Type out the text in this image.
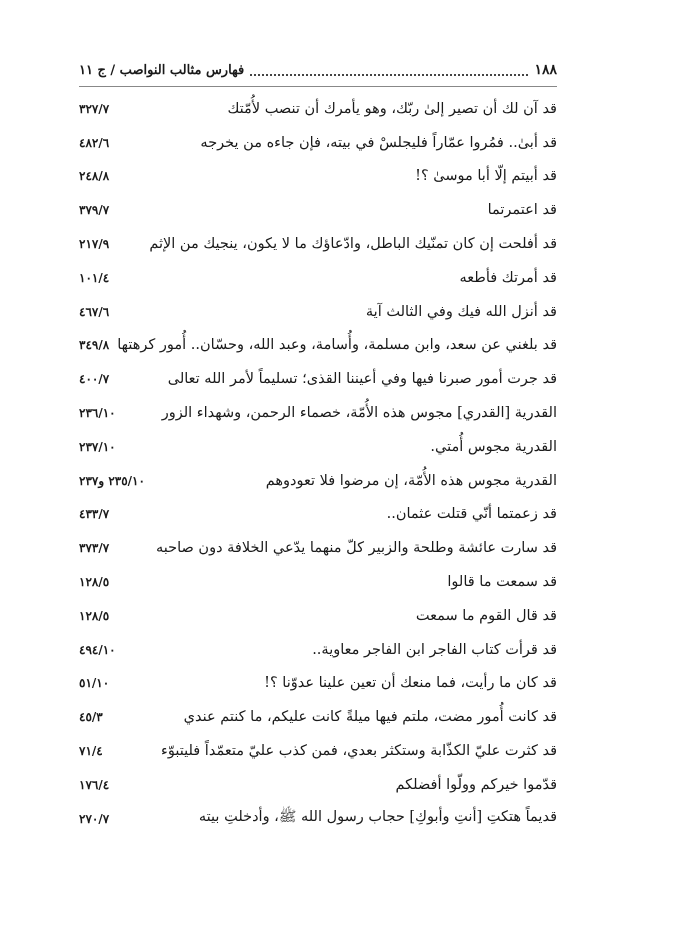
١٨٨
فهارس مثالب النواصب / ج ١١
قد آن لك أن تصير إلىٰ ربّك، وهو يأمرك أن تنصب لأُمّتك
٣٢٧/٧
قد أبىٰ.. فمُروا عمّاراً فليجلسْ في بيته، فإن جاءه من يخرجه
٤٨٢/٦
قد أبيتم إلّا أبا موسىٰ ؟!
٢٤٨/٨
قد اعتمرتما
٣٧٩/٧
قد أفلحت إن كان تمنّيك الباطل، وادّعاؤك ما لا يكون، ينجيك من الإثم
٢١٧/٩
قد أمرتك فأطعه
١٠١/٤
قد أنزل الله فيك وفي الثالث آية
٤٦٧/٦
قد بلغني عن سعد، وابن مسلمة، وأُسامة، وعبد الله، وحسّان.. أُمور كرهتها
٣٤٩/٨
قد جرت أمور صبرنا فيها وفي أعيننا القذى؛ تسليماً لأمر الله تعالى
٤٠٠/٧
القدرية [القدري] مجوس هذه الأُمّة، خصماء الرحمن، وشهداء الزور
٢٣٦/١٠
القدرية مجوس أُمتي.
٢٣٧/١٠
القدرية مجوس هذه الأُمّة، إن مرضوا فلا تعودوهم
٢٣٥/١٠ و٢٣٧
قد زعمتما أنّي قتلت عثمان..
٤٣٣/٧
قد سارت عائشة وطلحة والزبير كلّ منهما يدّعي الخلافة دون صاحبه
٣٧٣/٧
قد سمعت ما قالوا
١٢٨/٥
قد قال القوم ما سمعت
١٢٨/٥
قد قرأت كتاب الفاجر ابن الفاجر معاوية..
٤٩٤/١٠
قد كان ما رأيت، فما منعك أن تعين علينا عدوّنا ؟!
٥١/١٠
قد كانت أُمور مضت، ملتم فيها ميلةً كانت عليكم، ما كنتم عندي
٤٥/٣
قد كثرت عليّ الكذّابة وستكثر بعدي، فمن كذب عليّ متعمّداً فليتبوّء
٧١/٤
قدّموا خيركم وولّوا أفضلكم
١٧٦/٤
قديماً هتكتِ [أنتِ وأبوكِ] حجاب رسول الله ﷺ، وأدخلتِ بيته
٢٧٠/٧
